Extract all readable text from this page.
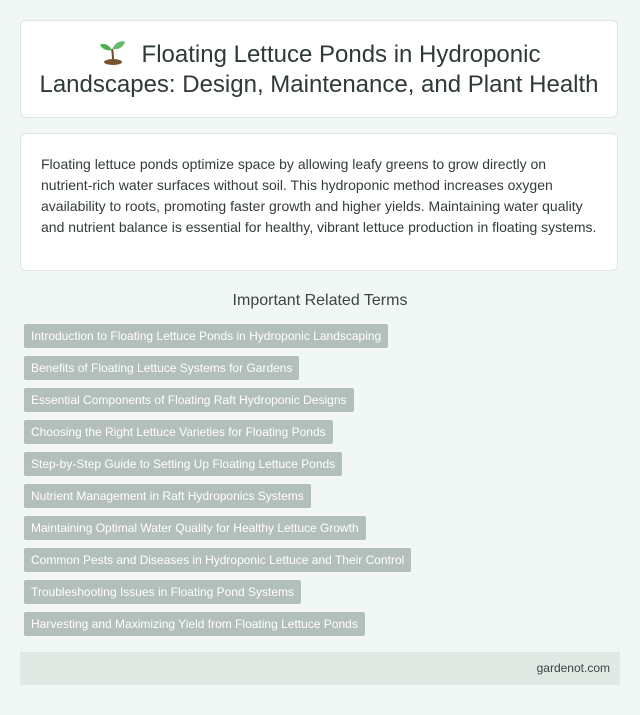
Floating Lettuce Ponds in Hydroponic Landscapes: Design, Maintenance, and Plant Health

Floating lettuce ponds optimize space by allowing leafy greens to grow directly on nutrient-rich water surfaces without soil. This hydroponic method increases oxygen availability to roots, promoting faster growth and higher yields. Maintaining water quality and nutrient balance is essential for healthy, vibrant lettuce production in floating systems.

Important Related Terms
Introduction to Floating Lettuce Ponds in Hydroponic Landscaping
Benefits of Floating Lettuce Systems for Gardens
Essential Components of Floating Raft Hydroponic Designs
Choosing the Right Lettuce Varieties for Floating Ponds
Step-by-Step Guide to Setting Up Floating Lettuce Ponds
Nutrient Management in Raft Hydroponics Systems
Maintaining Optimal Water Quality for Healthy Lettuce Growth
Common Pests and Diseases in Hydroponic Lettuce and Their Control
Troubleshooting Issues in Floating Pond Systems
Harvesting and Maximizing Yield from Floating Lettuce Ponds
gardenot.com
